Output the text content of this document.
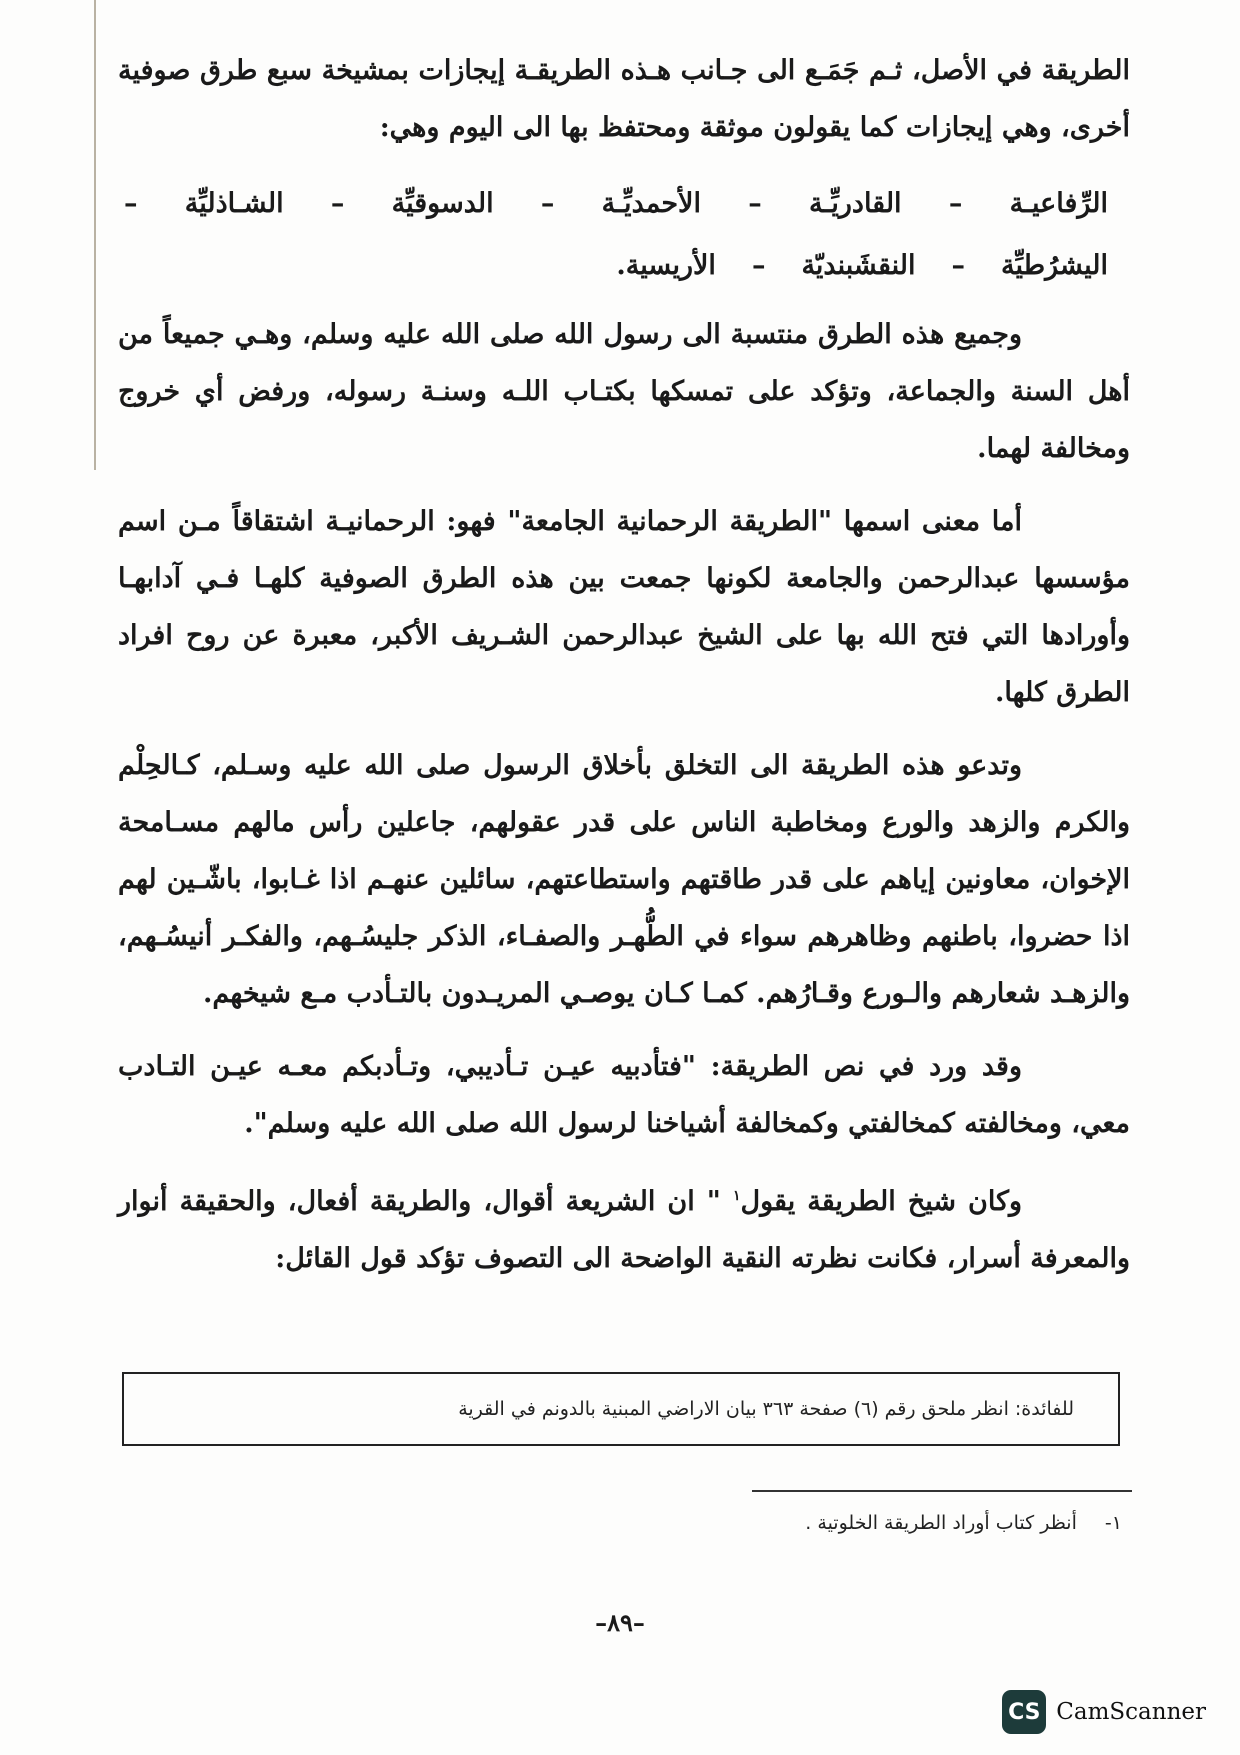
الطريقة في الأصل، ثـم جَمَـع الى جـانب هـذه الطريقـة إيجازات بمشيخة سبع طرق صوفية أخرى، وهي إيجازات كما يقولون موثقة ومحتفظ بها الى اليوم وهي:

الرِّفاعيـة
–
القادريِّـة
–
الأحمديِّـة
–
الدسوقيِّة
–
الشـاذليِّة
–
اليشرُطيِّة
–
النقشَبنديّة
–
الأريسية.

وجميع هذه الطرق منتسبة الى رسول الله صلى الله عليه وسلم، وهـي جميعاً من أهل السنة والجماعة، وتؤكد على تمسكها بكتـاب اللـه وسنـة رسوله، ورفض أي خروج ومخالفة لهما.

أما معنى اسمها "الطريقة الرحمانية الجامعة" فهو: الرحمانيـة اشتقاقاً مـن اسم مؤسسها عبدالرحمن والجامعة لكونها جمعت بين هذه الطرق الصوفية كلهـا فـي آدابهـا وأورادها التي فتح الله بها على الشيخ عبدالرحمن الشـريف الأكبر، معبرة عن روح افراد الطرق كلها.

وتدعو هذه الطريقة الى التخلق بأخلاق الرسول صلى الله عليه وسـلم، كـالحِلْم والكرم والزهد والورع ومخاطبة الناس على قدر عقولهم، جاعلين رأس مالهم مسـامحة الإخوان، معاونين إياهم على قدر طاقتهم واستطاعتهم، سائلين عنهـم اذا غـابوا، باشّـين لهم اذا حضروا، باطنهم وظاهرهم سواء في الطُّهـر والصفـاء، الذكر جليسُـهم، والفكـر أنيسُـهم، والزهـد شعارهم والـورع وقـارُهم. كمـا كـان يوصـي المريـدون بالتـأدب مـع شيخهم.

وقد ورد في نص الطريقة: "فتأدبيه عيـن تـأديبي، وتـأدبكم معـه عيـن التـادب معي، ومخالفته كمخالفتي وكمخالفة أشياخنا لرسول الله صلى الله عليه وسلم".

وكان شيخ الطريقة يقول$^١$ " ان الشريعة أقوال، والطريقة أفعال، والحقيقة أنوار والمعرفة أسرار، فكانت نظرته النقية الواضحة الى التصوف تؤكد قول القائل:

للفائدة: انظر ملحق رقم (٦) صفحة ٣٦٣ بيان الاراضي المبنية بالدونم في القرية
١- أنظر كتاب أوراد الطريقة الخلوتية .
–٨٩–
CS CamScanner
